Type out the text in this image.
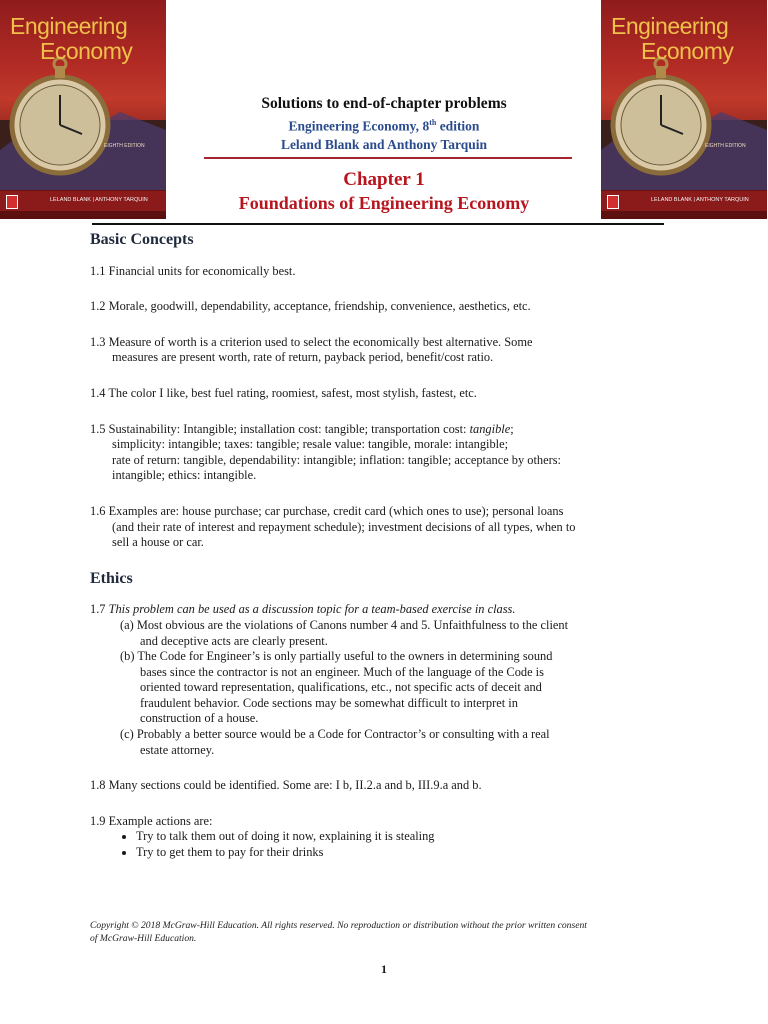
Engineering
Economy
EIGHTH EDITION
LELAND BLANK | ANTHONY TARQUIN
Engineering
Economy
EIGHTH EDITION
LELAND BLANK | ANTHONY TARQUIN
Solutions to end-of-chapter problems
Engineering Economy, 8th edition
Leland Blank and Anthony Tarquin
Chapter 1
Foundations of Engineering Economy
Basic Concepts
1.1 Financial units for economically best.
1.2 Morale, goodwill, dependability, acceptance, friendship, convenience, aesthetics, etc.
1.3 Measure of worth is a criterion used to select the economically best alternative. Some
measures are present worth, rate of return, payback period, benefit/cost ratio.
1.4 The color I like, best fuel rating, roomiest, safest, most stylish, fastest, etc.
1.5 Sustainability: Intangible; installation cost: tangible; transportation cost: tangible;
simplicity: intangible; taxes: tangible; resale value: tangible, morale: intangible;
rate of return: tangible, dependability: intangible; inflation: tangible; acceptance by others:
intangible; ethics: intangible.
1.6 Examples are: house purchase; car purchase, credit card (which ones to use); personal loans
(and their rate of interest and repayment schedule); investment decisions of all types, when to
sell a house or car.
Ethics
1.7 This problem can be used as a discussion topic for a team-based exercise in class.
(a) Most obvious are the violations of Canons number 4 and 5. Unfaithfulness to the client
and deceptive acts are clearly present.
(b) The Code for Engineer’s is only partially useful to the owners in determining sound
bases since the contractor is not an engineer. Much of the language of the Code is
oriented toward representation, qualifications, etc., not specific acts of deceit and
fraudulent behavior. Code sections may be somewhat difficult to interpret in
construction of a house.
(c) Probably a better source would be a Code for Contractor’s or consulting with a real
estate attorney.
1.8 Many sections could be identified. Some are: I b, II.2.a and b, III.9.a and b.
1.9 Example actions are:
• Try to talk them out of doing it now, explaining it is stealing
• Try to get them to pay for their drinks
Copyright © 2018 McGraw-Hill Education. All rights reserved. No reproduction or distribution without the prior written consent
of McGraw-Hill Education.
1
